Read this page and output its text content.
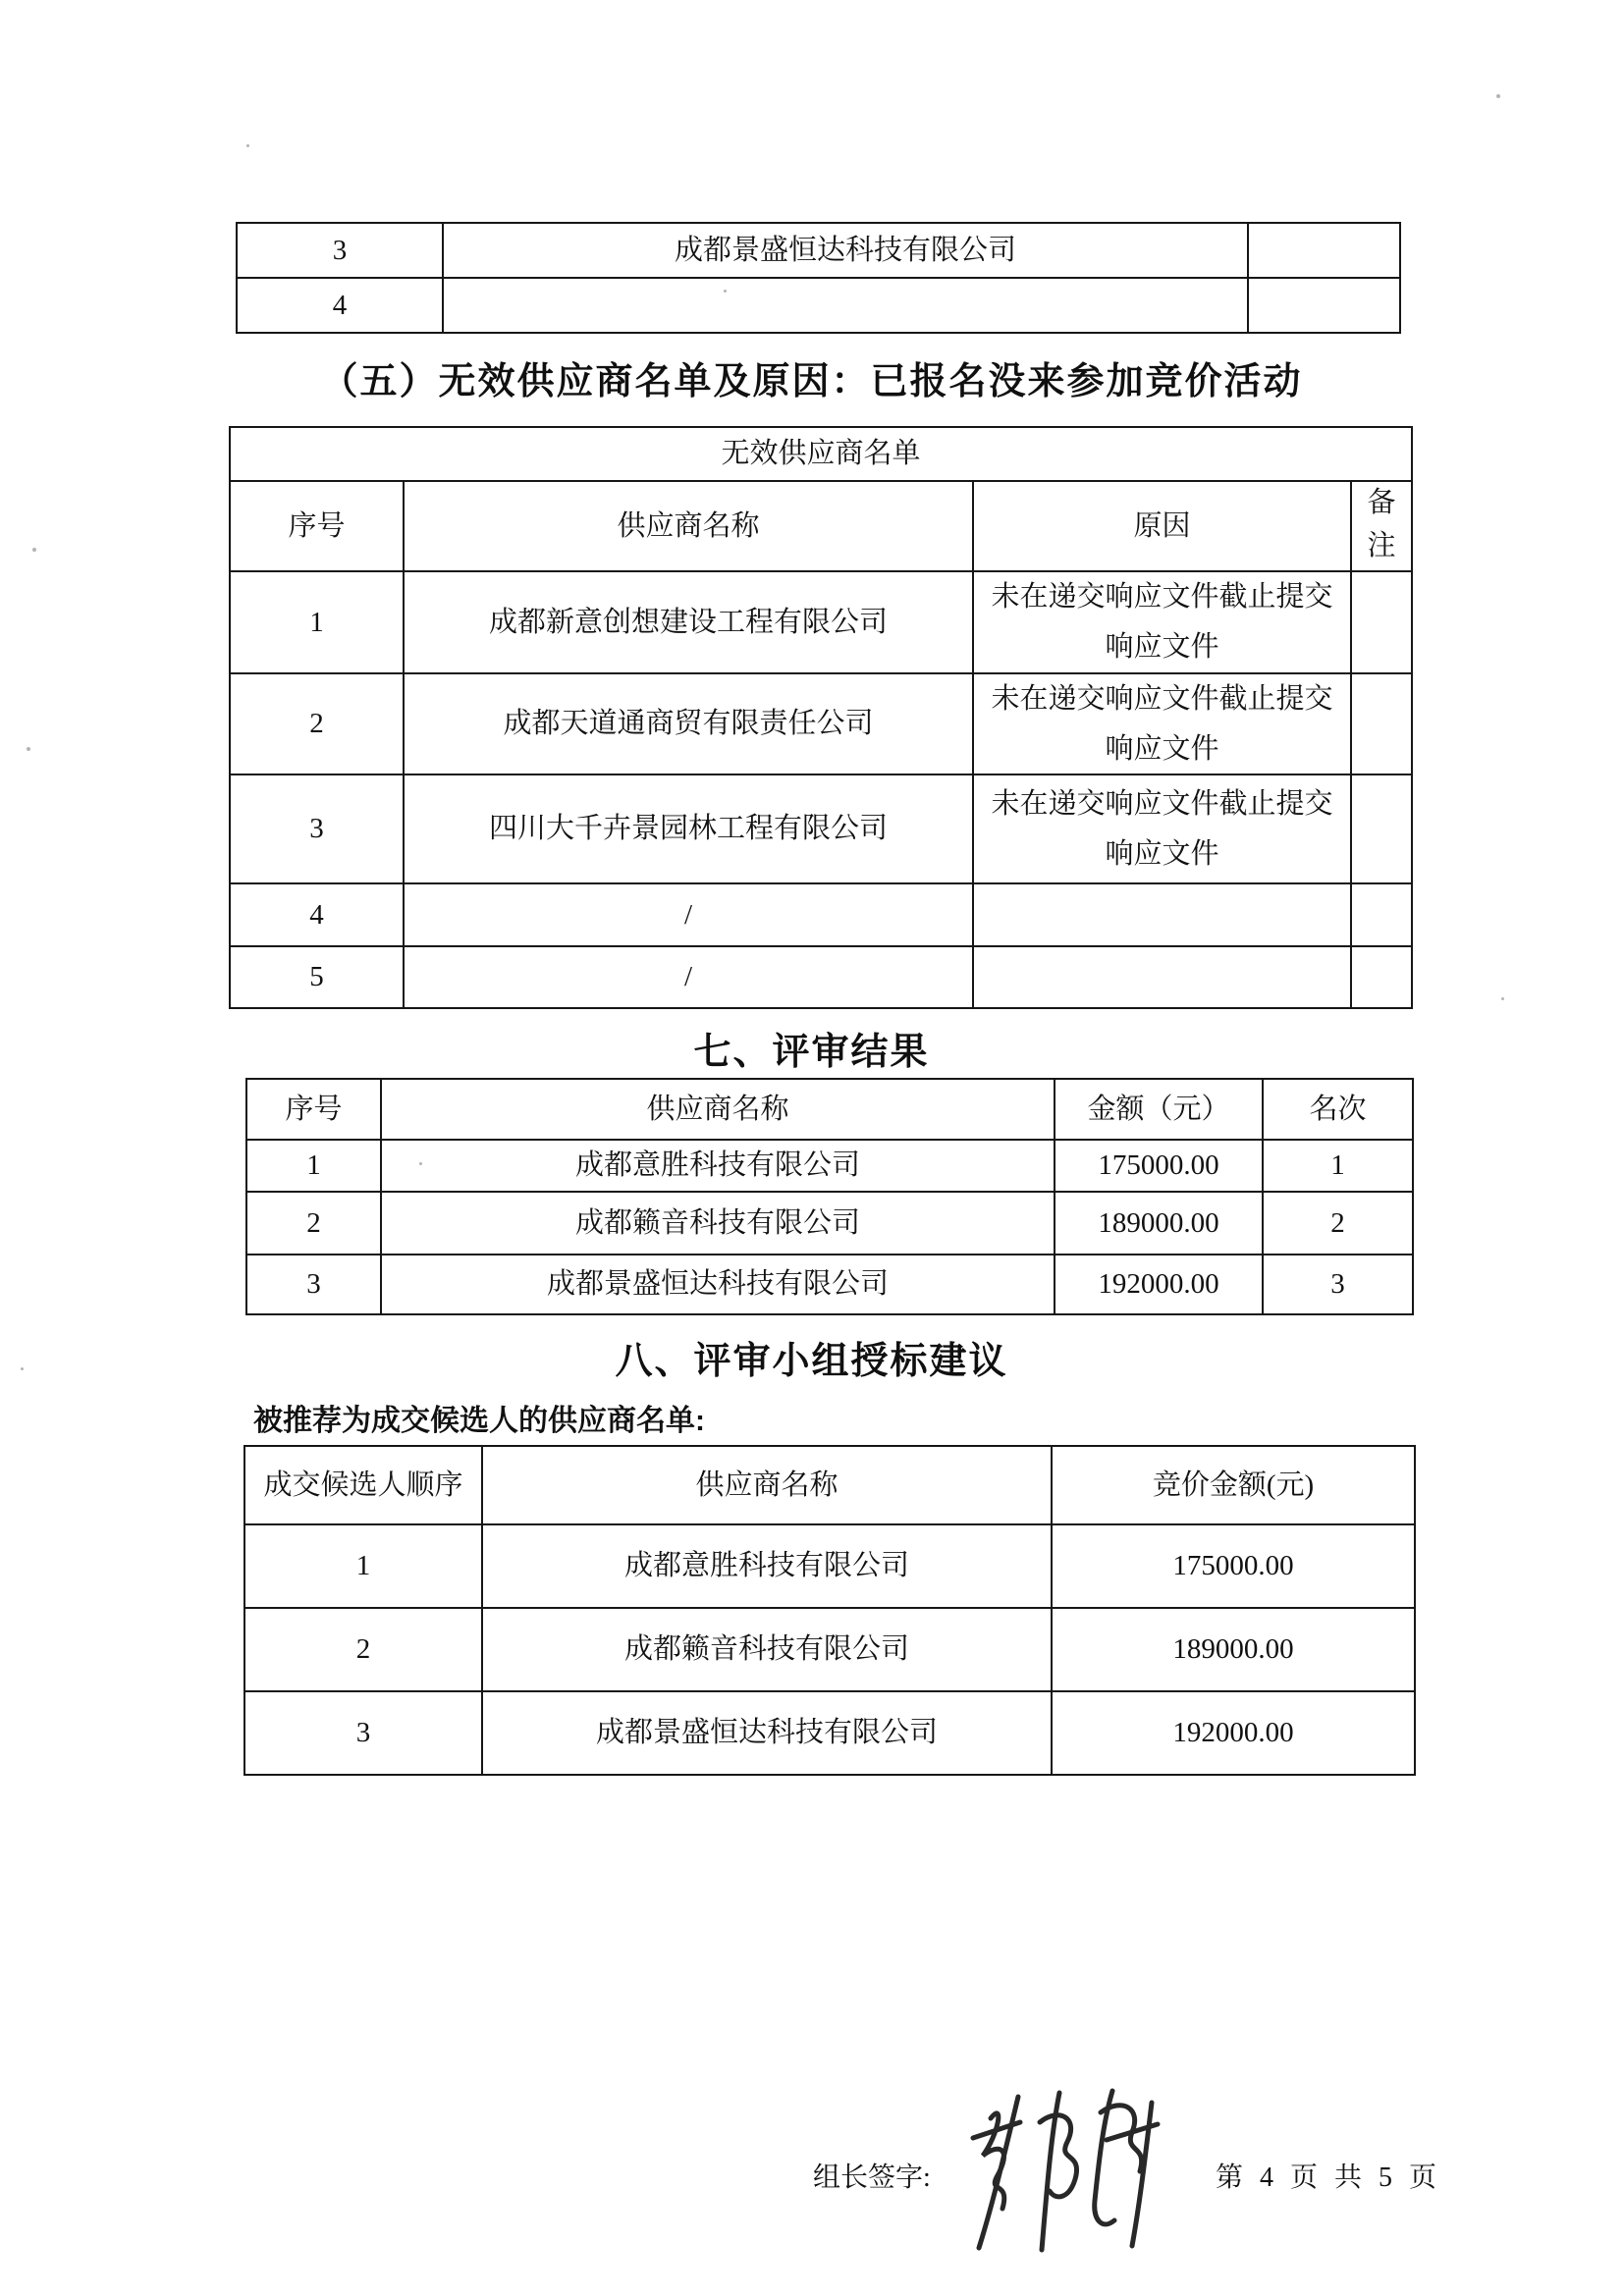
3	成都景盛恒达科技有限公司	
4		
（五）无效供应商名单及原因：已报名没来参加竞价活动
无效供应商名单			
序号	供应商名称	原因	备注
1	成都新意创想建设工程有限公司	未在递交响应文件截止提交响应文件	
2	成都天道通商贸有限责任公司	未在递交响应文件截止提交响应文件	
3	四川大千卉景园林工程有限公司	未在递交响应文件截止提交响应文件	
4	/		
5	/		
七、评审结果
序号	供应商名称	金额（元）	名次
1	成都意胜科技有限公司	175000.00	1
2	成都籁音科技有限公司	189000.00	2
3	成都景盛恒达科技有限公司	192000.00	3
八、评审小组授标建议
被推荐为成交候选人的供应商名单:
成交候选人顺序	供应商名称	竞价金额(元)
1	成都意胜科技有限公司	175000.00
2	成都籁音科技有限公司	189000.00
3	成都景盛恒达科技有限公司	192000.00
组长签字:	第 4 页 共 5 页
